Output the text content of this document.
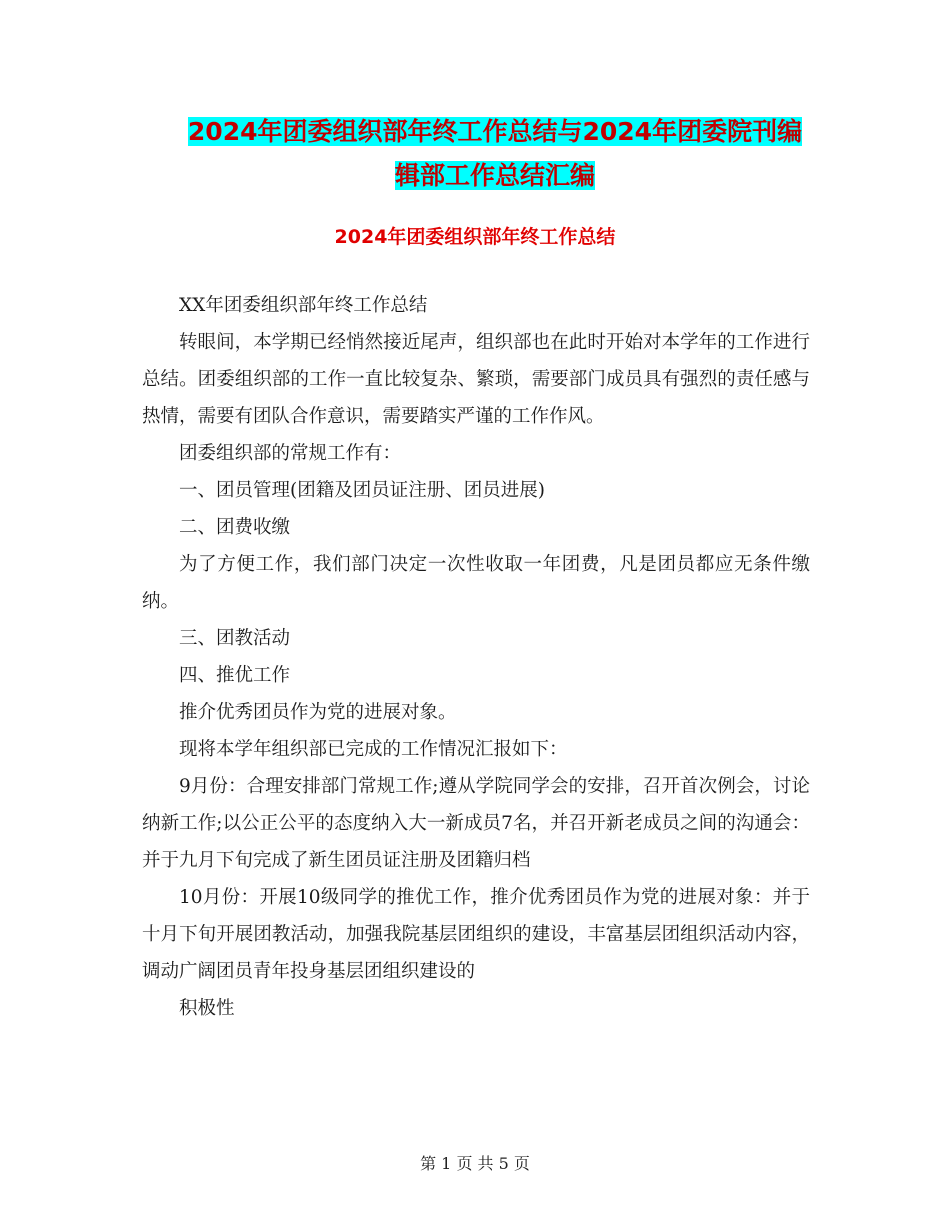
2024年团委组织部年终工作总结与2024年团委院刊编
辑部工作总结汇编
2024年团委组织部年终工作总结

XX年团委组织部年终工作总结

转眼间，本学期已经悄然接近尾声，组织部也在此时开始对本学年的工作进行总结。团委组织部的工作一直比较复杂、繁琐，需要部门成员具有强烈的责任感与热情，需要有团队合作意识，需要踏实严谨的工作作风。

团委组织部的常规工作有：

一、团员管理(团籍及团员证注册、团员进展)

二、团费收缴

为了方便工作，我们部门决定一次性收取一年团费，凡是团员都应无条件缴纳。

三、团教活动

四、推优工作

推介优秀团员作为党的进展对象。

现将本学年组织部已完成的工作情况汇报如下：

9月份：合理安排部门常规工作;遵从学院同学会的安排，召开首次例会，讨论纳新工作;以公正公平的态度纳入大一新成员7名，并召开新老成员之间的沟通会：并于九月下旬完成了新生团员证注册及团籍归档

10月份：开展10级同学的推优工作，推介优秀团员作为党的进展对象：并于十月下旬开展团教活动，加强我院基层团组织的建设，丰富基层团组织活动内容，调动广阔团员青年投身基层团组织建设的

积极性

第 1 页 共 5 页
